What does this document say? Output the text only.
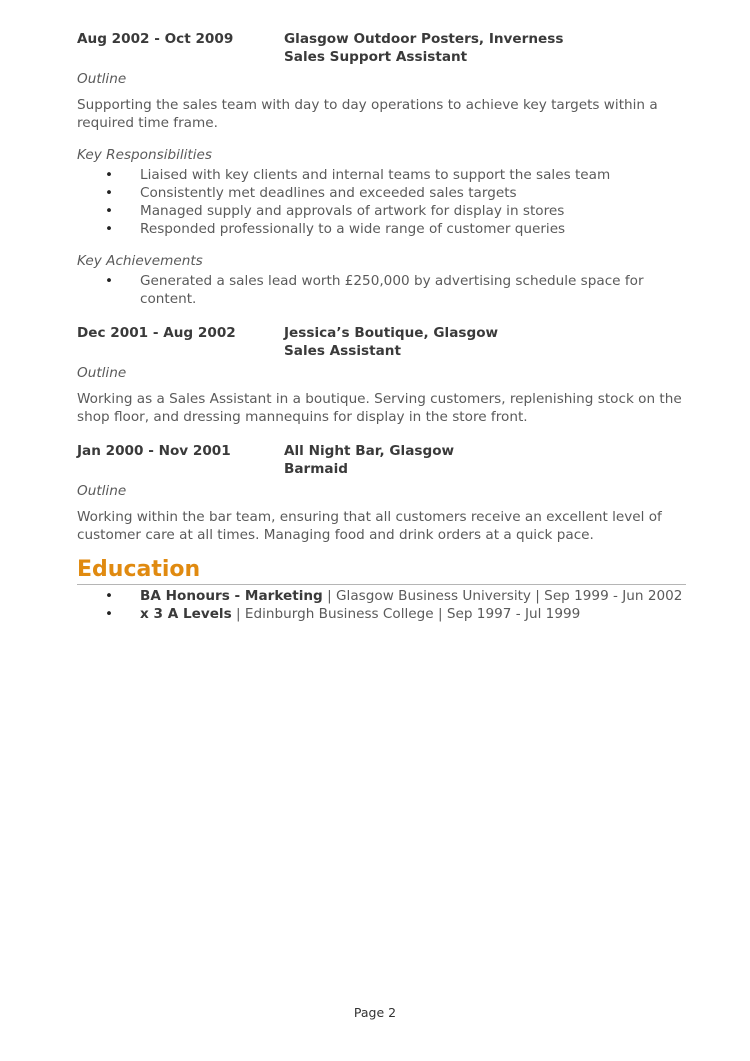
Aug 2002 - Oct 2009	Glasgow Outdoor Posters, Inverness
Sales Support Assistant
Outline
Supporting the sales team with day to day operations to achieve key targets within a required time frame.
Key Responsibilities
• Liaised with key clients and internal teams to support the sales team
• Consistently met deadlines and exceeded sales targets
• Managed supply and approvals of artwork for display in stores
• Responded professionally to a wide range of customer queries
Key Achievements
• Generated a sales lead worth £250,000 by advertising schedule space for content.
Dec 2001 - Aug 2002	Jessica’s Boutique, Glasgow
Sales Assistant
Outline
Working as a Sales Assistant in a boutique. Serving customers, replenishing stock on the shop floor, and dressing mannequins for display in the store front.
Jan 2000 - Nov 2001	All Night Bar, Glasgow
Barmaid
Outline
Working within the bar team, ensuring that all customers receive an excellent level of customer care at all times. Managing food and drink orders at a quick pace.
Education
• BA Honours - Marketing | Glasgow Business University | Sep 1999 - Jun 2002
• x 3 A Levels | Edinburgh Business College | Sep 1997 - Jul 1999
Page 2
